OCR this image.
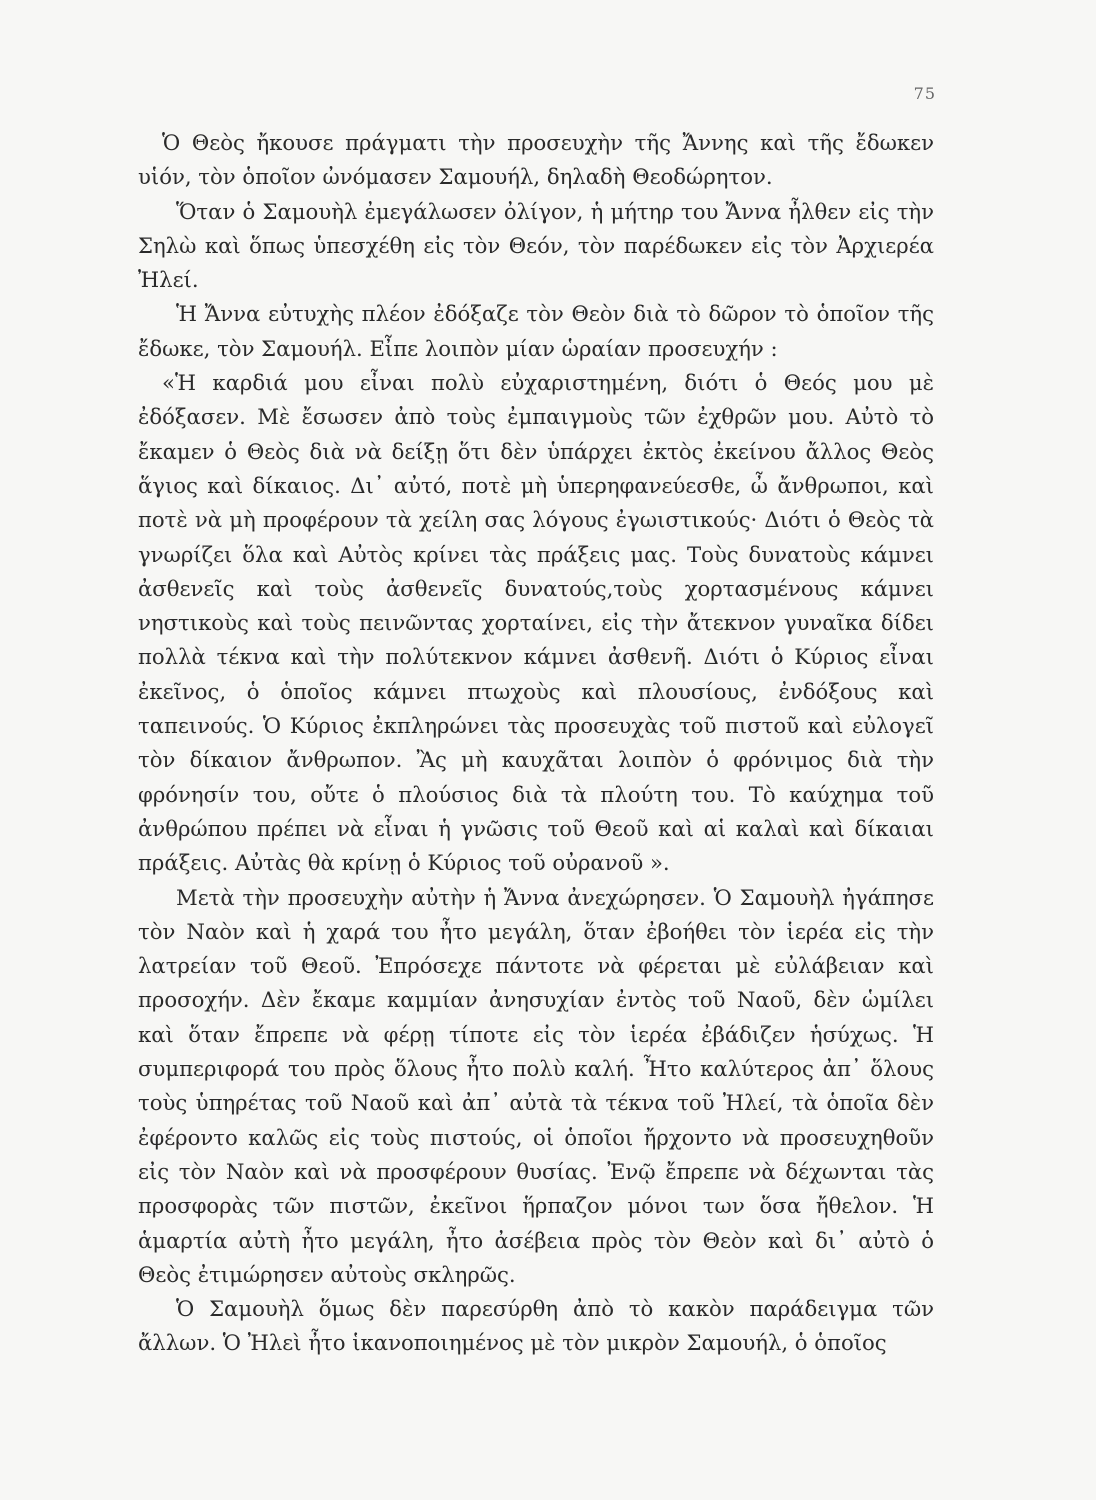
75

Ὁ Θεὸς ἤκουσε πράγματι τὴν προσευχὴν τῆς Ἄννης καὶ τῆς ἔδωκεν υἱόν, τὸν ὁποῖον ὠνόμασεν Σαμουήλ, δηλαδὴ Θεοδώρητον.

Ὅταν ὁ Σαμουὴλ ἐμεγάλωσεν ὀλίγον, ἡ μήτηρ του Ἄννα ἦλθεν εἰς τὴν Σηλὼ καὶ ὅπως ὑπεσχέθη εἰς τὸν Θεόν, τὸν παρέδωκεν εἰς τὸν Ἀρχιερέα Ἠλεί.

Ἡ Ἄννα εὐτυχὴς πλέον ἐδόξαζε τὸν Θεὸν διὰ τὸ δῶρον τὸ ὁποῖον τῆς ἔδωκε, τὸν Σαμουήλ. Εἶπε λοιπὸν μίαν ὡραίαν προσευχήν :

«Ἡ καρδιά μου εἶναι πολὺ εὐχαριστημένη, διότι ὁ Θεός μου μὲ ἐδόξασεν. Μὲ ἔσωσεν ἀπὸ τοὺς ἐμπαιγμοὺς τῶν ἐχθρῶν μου. Αὐτὸ τὸ ἔκαμεν ὁ Θεὸς διὰ νὰ δείξῃ ὅτι δὲν ὑπάρχει ἐκτὸς ἐκείνου ἄλλος Θεὸς ἅγιος καὶ δίκαιος. Δι᾿ αὐτό, ποτὲ μὴ ὑπερηφανεύεσθε, ὦ ἄνθρωποι, καὶ ποτὲ νὰ μὴ προφέρουν τὰ χείλη σας λόγους ἐγωιστικούς· Διότι ὁ Θεὸς τὰ γνωρίζει ὅλα καὶ Αὐτὸς κρίνει τὰς πράξεις μας. Τοὺς δυνατοὺς κάμνει ἀσθενεῖς καὶ τοὺς ἀσθενεῖς δυνατούς,τοὺς χορτασμένους κάμνει νηστικοὺς καὶ τοὺς πεινῶντας χορταίνει, εἰς τὴν ἄτεκνον γυναῖκα δίδει πολλὰ τέκνα καὶ τὴν πολύτεκνον κάμνει ἀσθενῆ. Διότι ὁ Κύριος εἶναι ἐκεῖνος, ὁ ὁποῖος κάμνει πτωχοὺς καὶ πλουσίους, ἐνδόξους καὶ ταπεινούς. Ὁ Κύριος ἐκπληρώνει τὰς προσευχὰς τοῦ πιστοῦ καὶ εὐλογεῖ τὸν δίκαιον ἄνθρωπον. Ἂς μὴ καυχᾶται λοιπὸν ὁ φρόνιμος διὰ τὴν φρόνησίν του, οὔτε ὁ πλούσιος διὰ τὰ πλούτη του. Τὸ καύχημα τοῦ ἀνθρώπου πρέπει νὰ εἶναι ἡ γνῶσις τοῦ Θεοῦ καὶ αἱ καλαὶ καὶ δίκαιαι πράξεις. Αὐτὰς θὰ κρίνῃ ὁ Κύριος τοῦ οὐρανοῦ ».

Μετὰ τὴν προσευχὴν αὐτὴν ἡ Ἄννα ἀνεχώρησεν. Ὁ Σαμουὴλ ἠγάπησε τὸν Ναὸν καὶ ἡ χαρά του ἦτο μεγάλη, ὅταν ἐβοήθει τὸν ἱερέα εἰς τὴν λατρείαν τοῦ Θεοῦ. Ἐπρόσεχε πάντοτε νὰ φέρεται μὲ εὐλάβειαν καὶ προσοχήν. Δὲν ἔκαμε καμμίαν ἀνησυχίαν ἐντὸς τοῦ Ναοῦ, δὲν ὡμίλει καὶ ὅταν ἔπρεπε νὰ φέρῃ τίποτε εἰς τὸν ἱερέα ἐβάδιζεν ἡσύχως. Ἡ συμπεριφορά του πρὸς ὅλους ἦτο πολὺ καλή. Ἦτο καλύτερος ἀπ᾿ ὅλους τοὺς ὑπηρέτας τοῦ Ναοῦ καὶ ἀπ᾿ αὐτὰ τὰ τέκνα τοῦ Ἠλεί, τὰ ὁποῖα δὲν ἐφέροντο καλῶς εἰς τοὺς πιστούς, οἱ ὁποῖοι ἤρχοντο νὰ προσευχηθοῦν εἰς τὸν Ναὸν καὶ νὰ προσφέρουν θυσίας. Ἐνῷ ἔπρεπε νὰ δέχωνται τὰς προσφορὰς τῶν πιστῶν, ἐκεῖνοι ἥρπαζον μόνοι των ὅσα ἤθελον. Ἡ ἁμαρτία αὐτὴ ἦτο μεγάλη, ἦτο ἀσέβεια πρὸς τὸν Θεὸν καὶ δι᾿ αὐτὸ ὁ Θεὸς ἐτιμώρησεν αὐτοὺς σκληρῶς.

Ὁ Σαμουὴλ ὅμως δὲν παρεσύρθη ἀπὸ τὸ κακὸν παράδειγμα τῶν ἄλλων. Ὁ Ἠλεὶ ἦτο ἱκανοποιημένος μὲ τὸν μικρὸν Σαμουήλ, ὁ ὁποῖος
